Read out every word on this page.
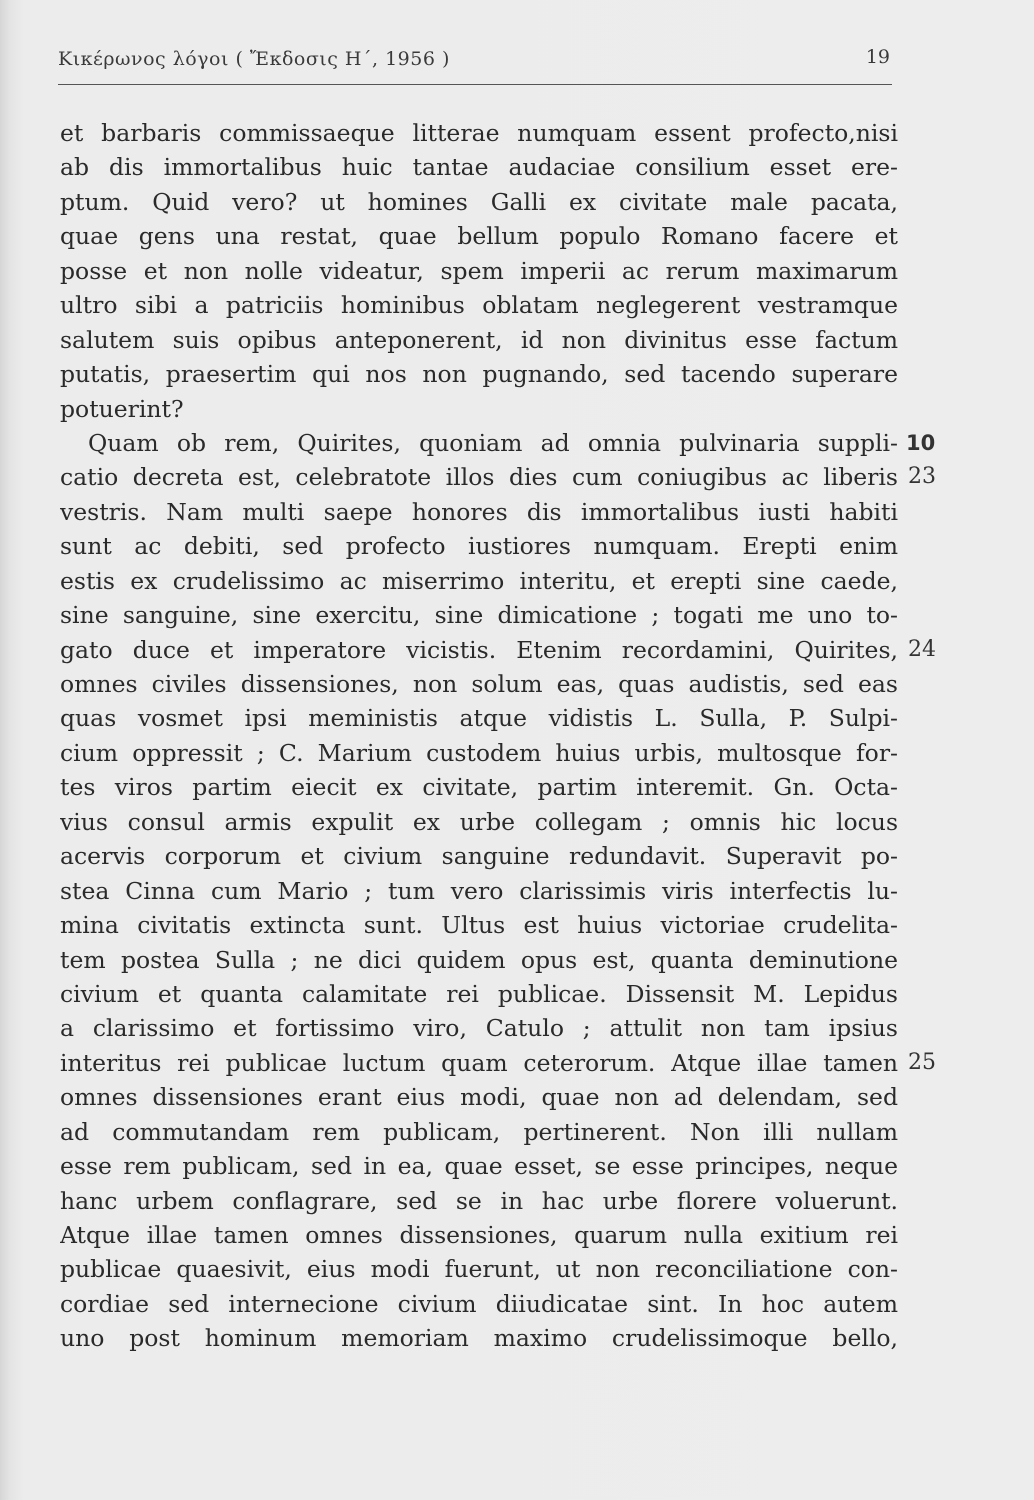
Κικέρωνος λόγοι ( Ἔκδοσις Η΄, 1956 )	19
et barbaris commissaeque litterae numquam essent profecto,nisi
ab dis immortalibus huic tantae audaciae consilium esset ere-
ptum. Quid vero? ut homines Galli ex civitate male pacata,
quae gens una restat, quae bellum populo Romano facere et
posse et non nolle videatur, spem imperii ac rerum maximarum
ultro sibi a patriciis hominibus oblatam neglegerent vestramque
salutem suis opibus anteponerent, id non divinitus esse factum
putatis, praesertim qui nos non pugnando, sed tacendo superare
potuerint?
Quam ob rem, Quirites, quoniam ad omnia pulvinaria suppli- 10
catio decreta est, celebratote illos dies cum coniugibus ac liberis 23
vestris. Nam multi saepe honores dis immortalibus iusti habiti
sunt ac debiti, sed profecto iustiores numquam. Erepti enim
estis ex crudelissimo ac miserrimo interitu, et erepti sine caede,
sine sanguine, sine exercitu, sine dimicatione ; togati me uno to-
gato duce et imperatore vicistis. Etenim recordamini, Quirites, 24
omnes civiles dissensiones, non solum eas, quas audistis, sed eas
quas vosmet ipsi meministis atque vidistis L. Sulla, P. Sulpi-
cium oppressit ; C. Marium custodem huius urbis, multosque for-
tes viros partim eiecit ex civitate, partim interemit. Gn. Octa-
vius consul armis expulit ex urbe collegam ; omnis hic locus
acervis corporum et civium sanguine redundavit. Superavit po-
stea Cinna cum Mario ; tum vero clarissimis viris interfectis lu-
mina civitatis extincta sunt. Ultus est huius victoriae crudelita-
tem postea Sulla ; ne dici quidem opus est, quanta deminutione
civium et quanta calamitate rei publicae. Dissensit M. Lepidus
a clarissimo et fortissimo viro, Catulo ; attulit non tam ipsius
interitus rei publicae luctum quam ceterorum. Atque illae tamen 25
omnes dissensiones erant eius modi, quae non ad delendam, sed
ad commutandam rem publicam, pertinerent. Non illi nullam
esse rem publicam, sed in ea, quae esset, se esse principes, neque
hanc urbem conflagrare, sed se in hac urbe florere voluerunt.
Atque illae tamen omnes dissensiones, quarum nulla exitium rei
publicae quaesivit, eius modi fuerunt, ut non reconciliatione con-
cordiae sed internecione civium diiudicatae sint. In hoc autem
uno post hominum memoriam maximo crudelissimoque bello,
